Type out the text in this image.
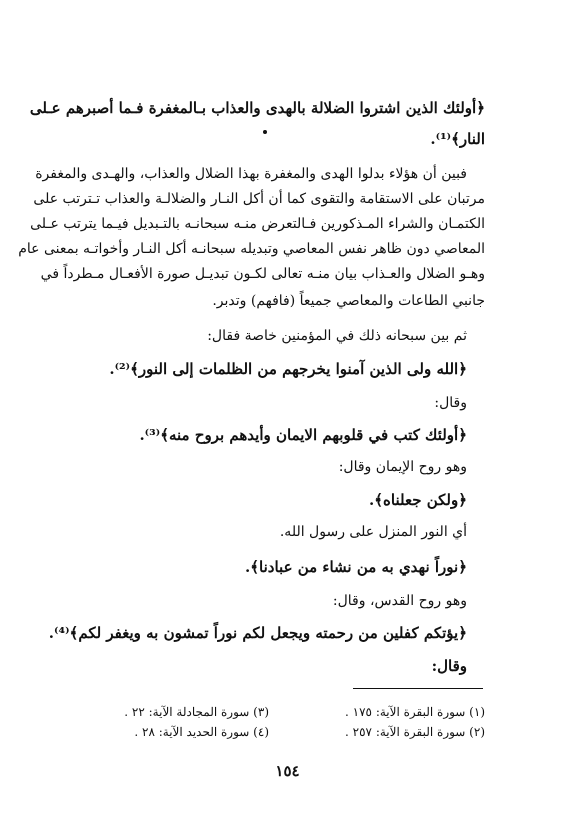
﴿أولئك الذين اشتروا الضلالة بالهدى والعذاب بـالمغفرة فـما أصبرهم عـلى
النار﴾⁽¹⁾.
فبين أن هؤلاء بدلوا الهدى والمغفرة بهذا الضلال والعذاب، والهـدى والمغفرة
مرتبان على الاستقامة والتقوى كما أن أكل النـار والضلالـة والعذاب تـترتب على
الكتمـان والشراء المـذكورين فـالتعرض منـه سبحانـه بالتـبديل فيـما يترتب عـلى
المعاصي دون ظاهر نفس المعاصي وتبديله سبحانـه أكل النـار وأخواتـه بمعنى عام
وهـو الضلال والعـذاب بيان منـه تعالى لكـون تبديـل صورة الأفعـال مـطرداً في
جانبي الطاعات والمعاصي جميعاً (فافهم) وتدبر.
ثم بين سبحانه ذلك في المؤمنين خاصة فقال:
﴿الله ولى الذين آمنوا يخرجهم من الظلمات إلى النور﴾⁽²⁾.
وقال:
﴿أولئك كتب في قلوبهم الايمان وأيدهم بروح منه﴾⁽³⁾.
وهو روح الإيمان وقال:
﴿ولكن جعلناه﴾.
أي النور المنزل على رسول الله.
﴿نوراً نهدي به من نشاء من عبادنا﴾.
وهو روح القدس، وقال:
﴿يؤتكم كفلين من رحمته ويجعل لكم نوراً تمشون به ويغفر لكم﴾⁽⁴⁾.
وقال:
(١) سورة البقرة الآية: ١٧٥ .
(٢) سورة البقرة الآية: ٢٥٧ .
(٣) سورة المجادلة الآية: ٢٢ .
(٤) سورة الحديد الآية: ٢٨ .
١٥٤
